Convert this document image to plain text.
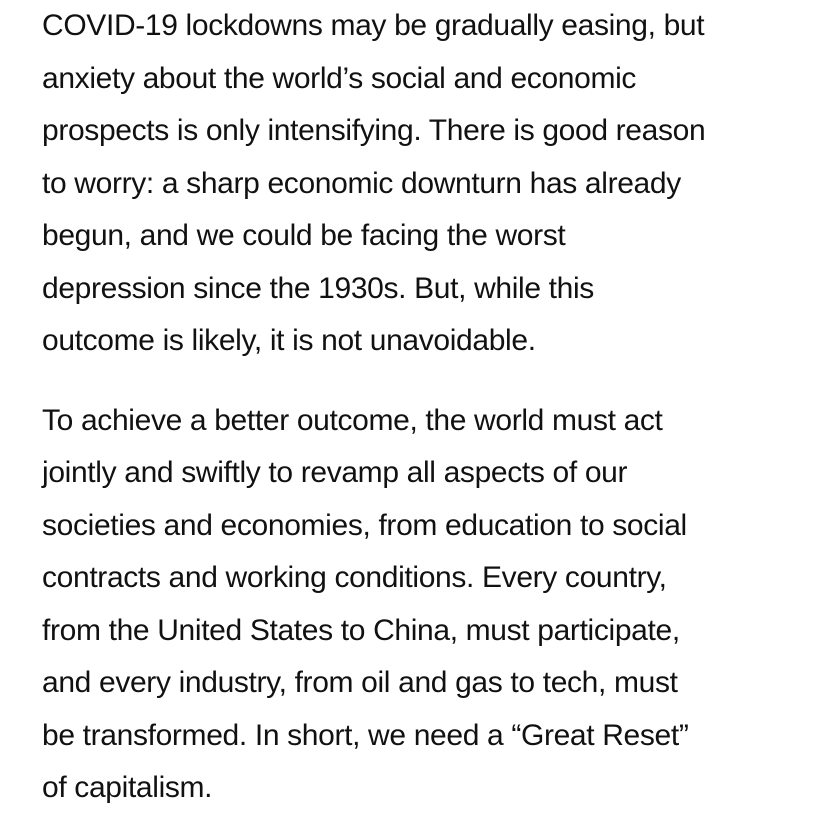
COVID-19 lockdowns may be gradually easing, but
anxiety about the world’s social and economic
prospects is only intensifying. There is good reason
to worry: a sharp economic downturn has already
begun, and we could be facing the worst
depression since the 1930s. But, while this
outcome is likely, it is not unavoidable.

To achieve a better outcome, the world must act
jointly and swiftly to revamp all aspects of our
societies and economies, from education to social
contracts and working conditions. Every country,
from the United States to China, must participate,
and every industry, from oil and gas to tech, must
be transformed. In short, we need a “Great Reset”
of capitalism.
